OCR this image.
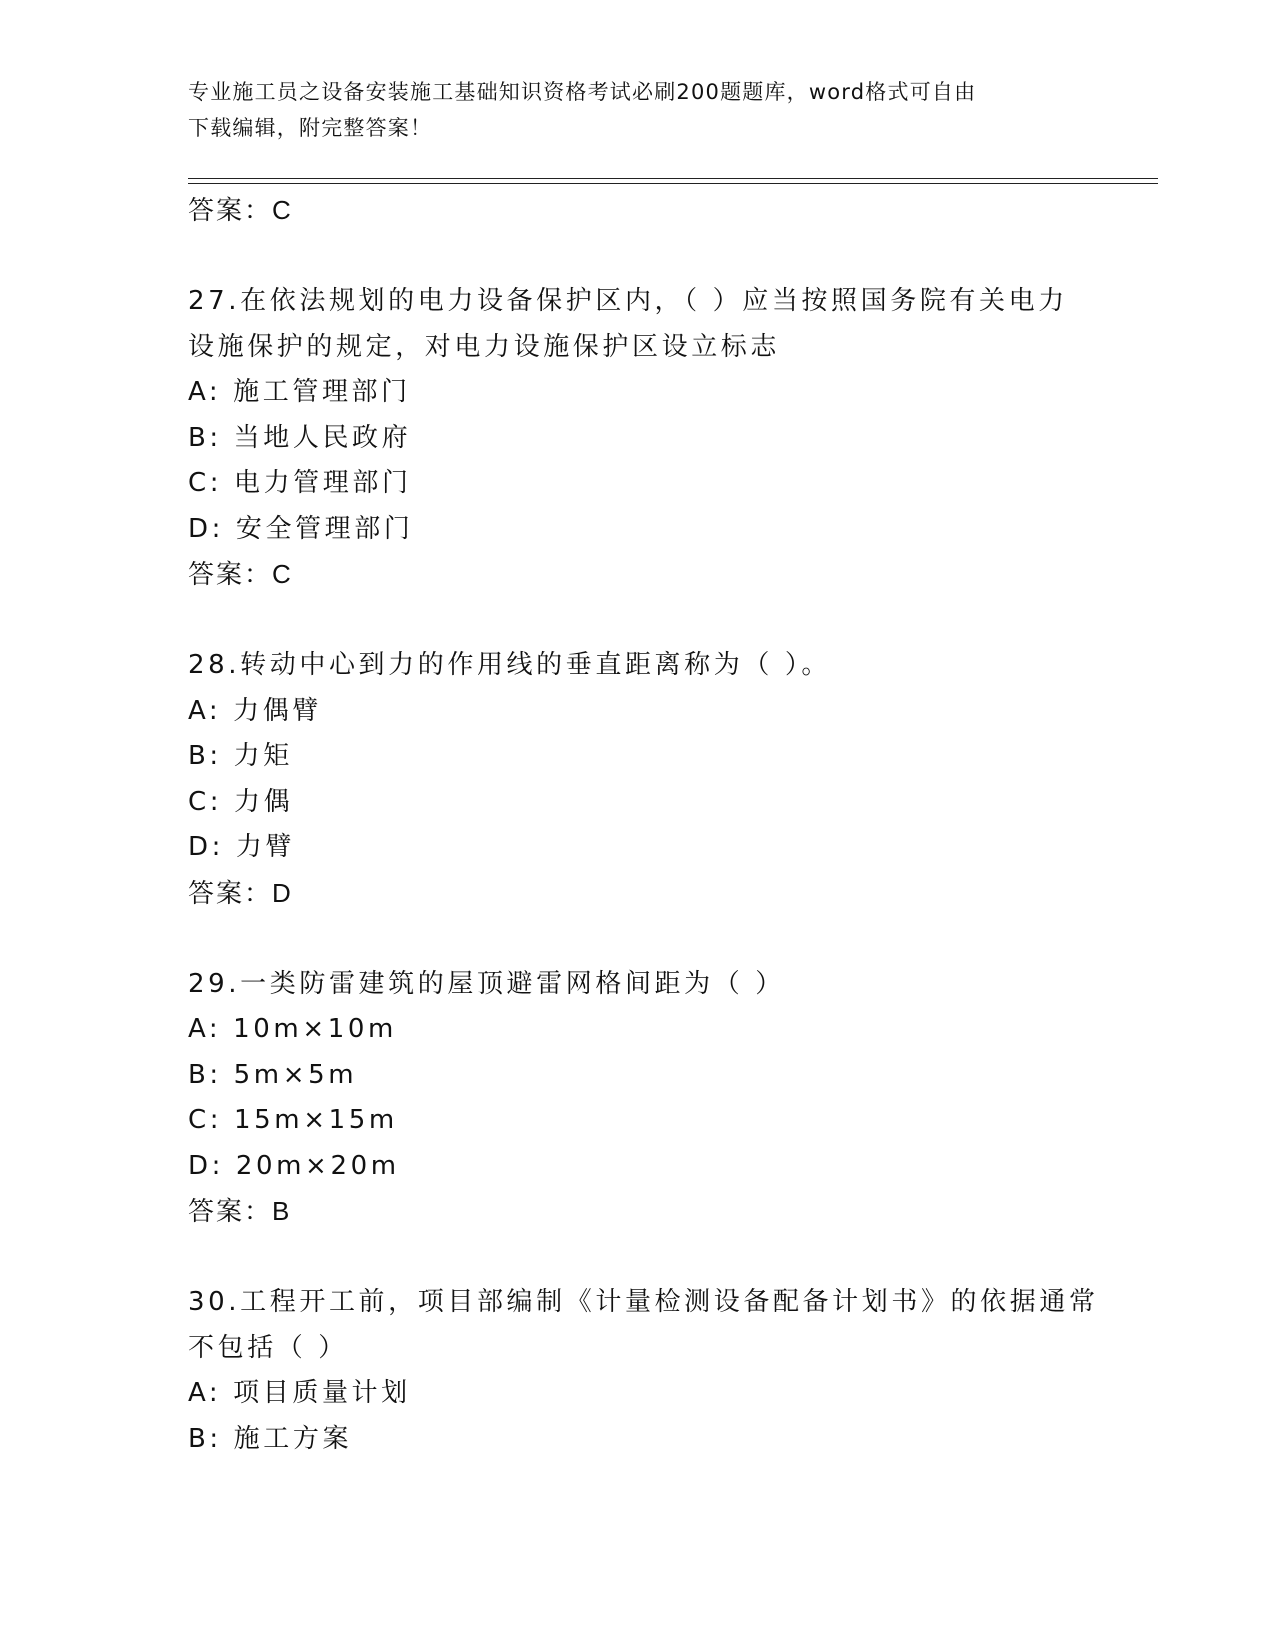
专业施工员之设备安装施工基础知识资格考试必刷200题题库，word格式可自由
下载编辑，附完整答案！
答案：C
27.在依法规划的电力设备保护区内，（ ）应当按照国务院有关电力
设施保护的规定，对电力设施保护区设立标志
A: 施工管理部门
B: 当地人民政府
C: 电力管理部门
D: 安全管理部门
答案：C
28.转动中心到力的作用线的垂直距离称为（ ）。
A: 力偶臂
B: 力矩
C: 力偶
D: 力臂
答案：D
29.一类防雷建筑的屋顶避雷网格间距为（ ）
A: 10m×10m
B: 5m×5m
C: 15m×15m
D: 20m×20m
答案：B
30.工程开工前，项目部编制《计量检测设备配备计划书》的依据通常
不包括（ ）
A: 项目质量计划
B: 施工方案
